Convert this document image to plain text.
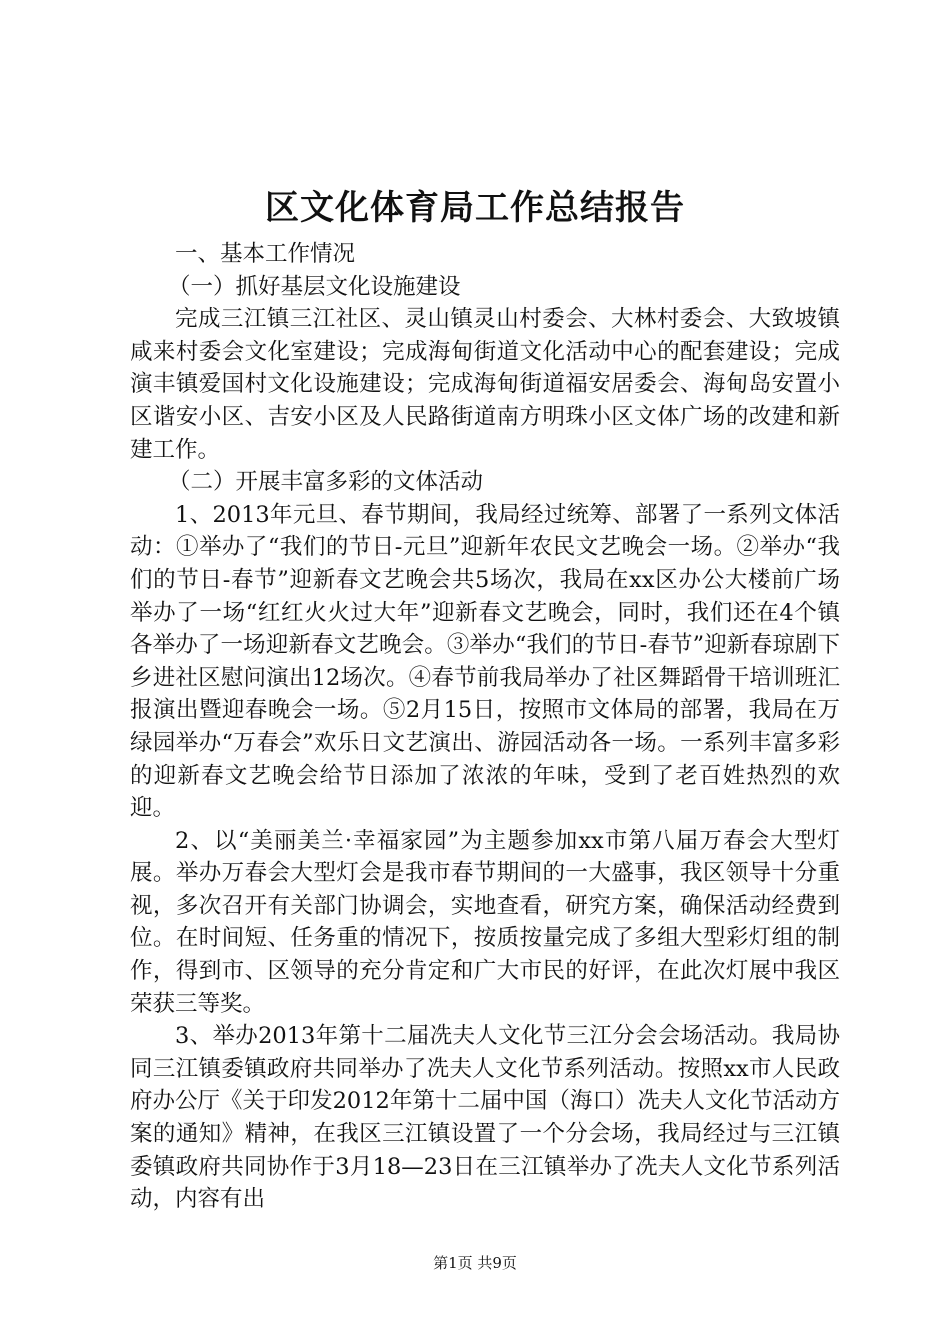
区文化体育局工作总结报告

一、基本工作情况

（一）抓好基层文化设施建设

完成三江镇三江社区、灵山镇灵山村委会、大林村委会、大致坡镇咸来村委会文化室建设；完成海甸街道文化活动中心的配套建设；完成演丰镇爱国村文化设施建设；完成海甸街道福安居委会、海甸岛安置小区谐安小区、吉安小区及人民路街道南方明珠小区文体广场的改建和新建工作。

（二）开展丰富多彩的文体活动

1、2013年元旦、春节期间，我局经过统筹、部署了一系列文体活动：①举办了“我们的节日-元旦”迎新年农民文艺晚会一场。②举办“我们的节日-春节”迎新春文艺晚会共5场次，我局在xx区办公大楼前广场举办了一场“红红火火过大年”迎新春文艺晚会，同时，我们还在4个镇各举办了一场迎新春文艺晚会。③举办“我们的节日-春节”迎新春琼剧下乡进社区慰问演出12场次。④春节前我局举办了社区舞蹈骨干培训班汇报演出暨迎春晚会一场。⑤2月15日，按照市文体局的部署，我局在万绿园举办“万春会”欢乐日文艺演出、游园活动各一场。一系列丰富多彩的迎新春文艺晚会给节日添加了浓浓的年味，受到了老百姓热烈的欢迎。

2、以“美丽美兰·幸福家园”为主题参加xx市第八届万春会大型灯展。举办万春会大型灯会是我市春节期间的一大盛事，我区领导十分重视，多次召开有关部门协调会，实地查看，研究方案，确保活动经费到位。在时间短、任务重的情况下，按质按量完成了多组大型彩灯组的制作，得到市、区领导的充分肯定和广大市民的好评，在此次灯展中我区荣获三等奖。

3、举办2013年第十二届冼夫人文化节三江分会会场活动。我局协同三江镇委镇政府共同举办了冼夫人文化节系列活动。按照xx市人民政府办公厅《关于印发2012年第十二届中国（海口）冼夫人文化节活动方案的通知》精神，在我区三江镇设置了一个分会场，我局经过与三江镇委镇政府共同协作于3月18—23日在三江镇举办了冼夫人文化节系列活动，内容有出

第1页 共9页
